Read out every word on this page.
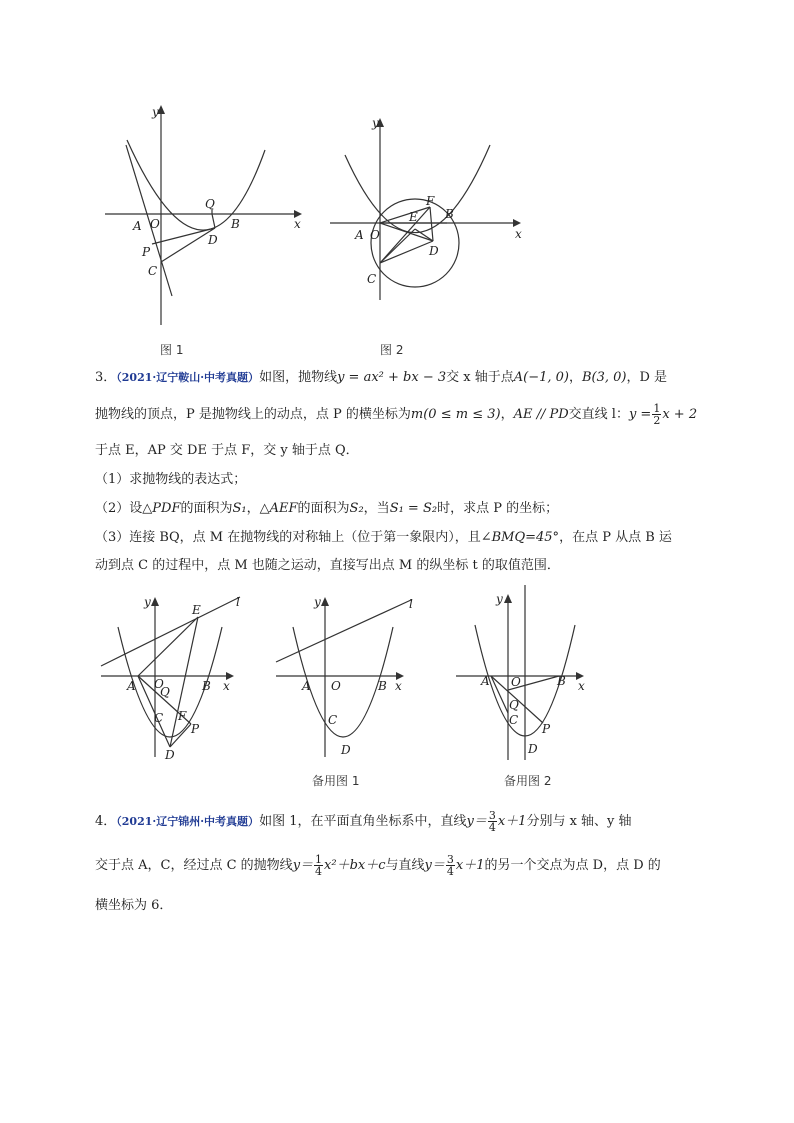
y
x
A O
Q
B
D
P
C
y
x
A O
E
F
B
D
C
图 1	图 2
3．（2021·辽宁鞍山·中考真题）如图，抛物线y = ax² + bx − 3交 x 轴于点A(−1, 0)，B(3, 0)，D 是
抛物线的顶点，P 是抛物线上的动点，点 P 的横坐标为m(0 ≤ m ≤ 3)，AE // PD交直线 l：$y = \frac{1}{2}$ x + 2
于点 E，AP 交 DE 于点 F，交 y 轴于点 Q．
（1）求抛物线的表达式；
（2）设△PDF的面积为S₁，△AEF的面积为S₂，当S₁ = S₂时，求点 P 的坐标；
（3）连接 BQ，点 M 在抛物线的对称轴上（位于第一象限内），且∠BMQ=45°，在点 P 从点 B 运
动到点 C 的过程中，点 M 也随之运动，直接写出点 M 的纵坐标 t 的取值范围．
y
x
l
E
A O
Q	B
F
C
P
D
y
x
l
A O	B
C
D
y
x
A O	B
Q
C
P
D
备用图 1	备用图 2
4．（2021·辽宁锦州·中考真题）如图 1，在平面直角坐标系中，直线$y= \frac{3}{4} x+1$分别与 x 轴、y 轴
交于点 A，C，经过点 C 的抛物线$y= \frac{1}{4} x^2+bx+c$与直线$y= \frac{3}{4} x+1$的另一个交点为点 D，点 D 的
横坐标为 6．
